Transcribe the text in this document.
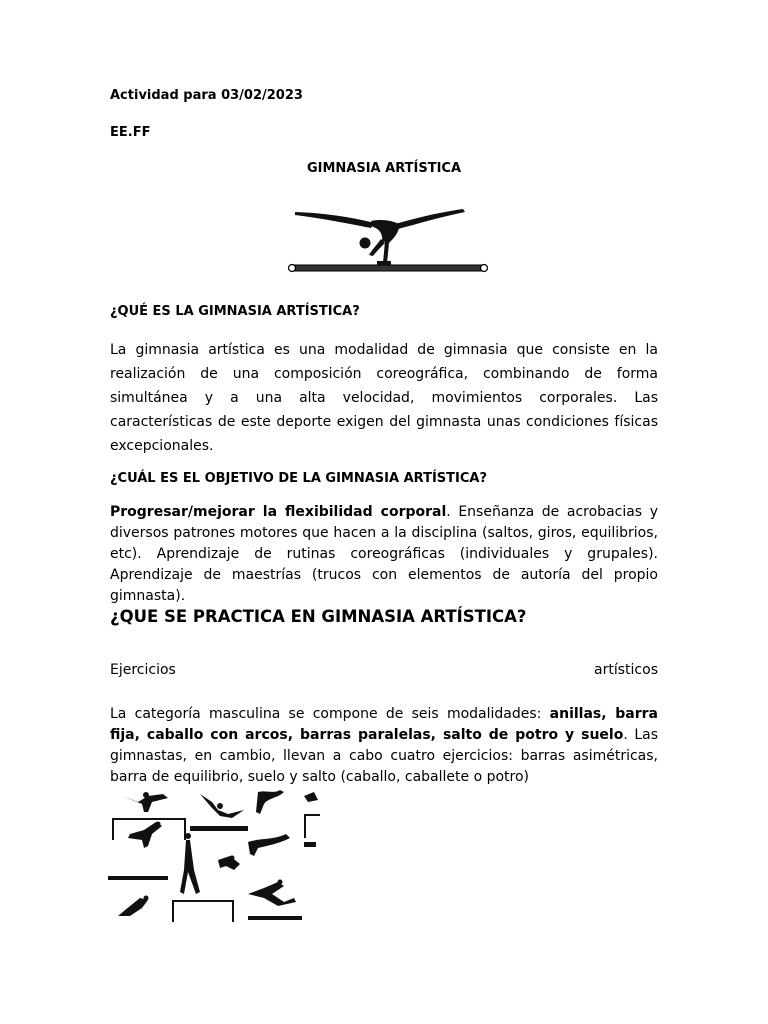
Actividad para 03/02/2023
EE.FF
GIMNASIA ARTÍSTICA
¿QUÉ ES LA GIMNASIA ARTÍSTICA?
La gimnasia artística es una modalidad de gimnasia que consiste en la realización de una composición coreográfica, combinando de forma simultánea y a una alta velocidad, movimientos corporales. Las características de este deporte exigen del gimnasta unas condiciones físicas excepcionales.
¿CUÁL ES EL OBJETIVO DE LA GIMNASIA ARTÍSTICA?
Progresar/mejorar la flexibilidad corporal. Enseñanza de acrobacias y diversos patrones motores que hacen a la disciplina (saltos, giros, equilibrios, etc). Aprendizaje de rutinas coreográficas (individuales y grupales). Aprendizaje de maestrías (trucos con elementos de autoría del propio gimnasta).
¿QUE SE PRACTICA EN GIMNASIA ARTÍSTICA?
Ejercicios	artísticos
La categoría masculina se compone de seis modalidades: anillas, barra fija, caballo con arcos, barras paralelas, salto de potro y suelo. Las gimnastas, en cambio, llevan a cabo cuatro ejercicios: barras asimétricas, barra de equilibrio, suelo y salto (caballo, caballete o potro)
